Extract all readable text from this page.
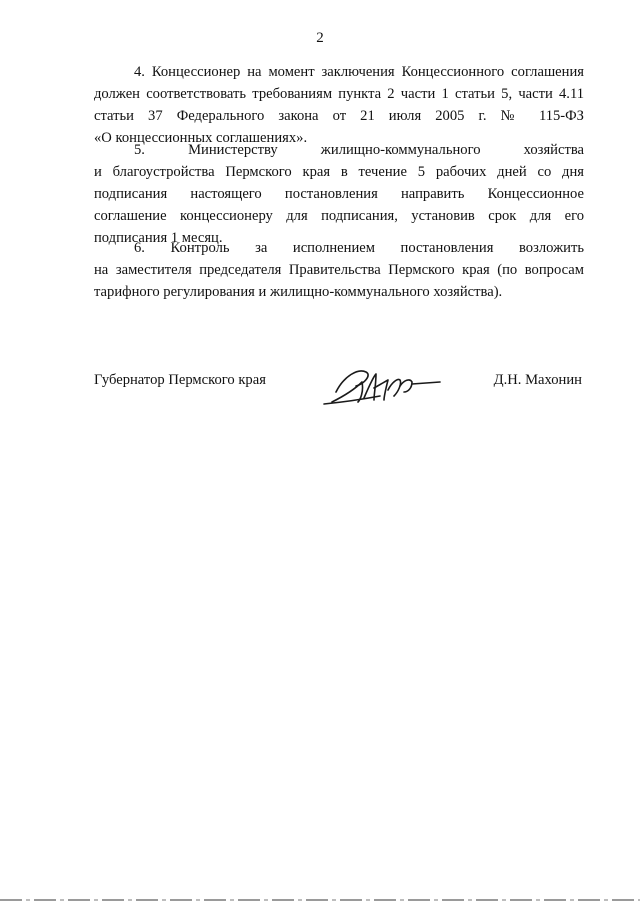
2
4. Концессионер на момент заключения Концессионного соглашения
должен соответствовать требованиям пункта 2 части 1 статьи 5, части 4.11
статьи 37 Федерального закона от 21 июля 2005 г. № 115-ФЗ
«О концессионных соглашениях».
5. Министерству жилищно-коммунального хозяйства
и благоустройства Пермского края в течение 5 рабочих дней со дня
подписания настоящего постановления направить Концессионное
соглашение концессионеру для подписания, установив срок для его
подписания 1 месяц.
6. Контроль за исполнением постановления возложить
на заместителя председателя Правительства Пермского края (по вопросам
тарифного регулирования и жилищно-коммунального хозяйства).
Губернатор Пермского края	Д.Н. Махонин
